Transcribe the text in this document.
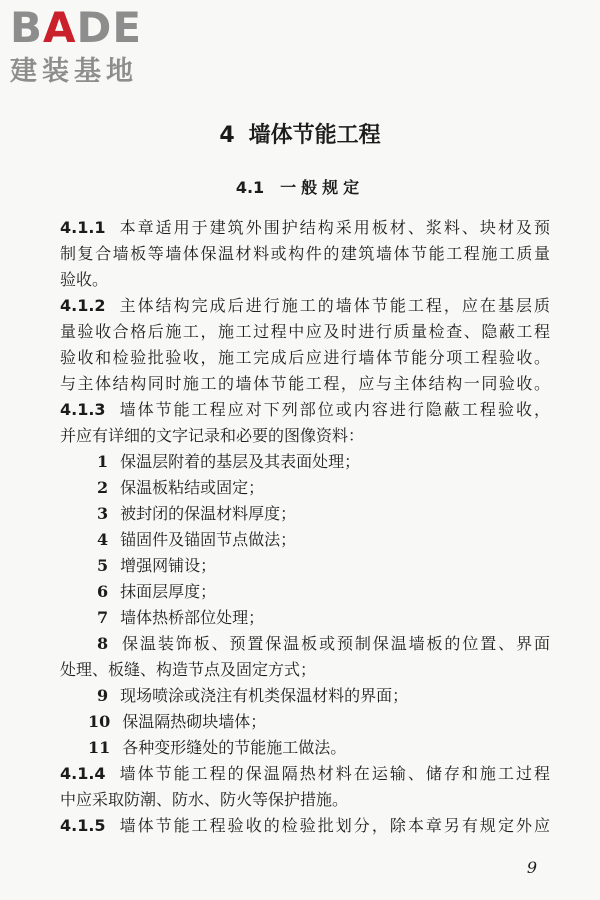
BADE
建装基地
4 墙体节能工程
4.1 一般规定
4.1.1 本章适用于建筑外围护结构采用板材、浆料、块材及预
制复合墙板等墙体保温材料或构件的建筑墙体节能工程施工质量
验收。
4.1.2 主体结构完成后进行施工的墙体节能工程，应在基层质
量验收合格后施工，施工过程中应及时进行质量检查、隐蔽工程
验收和检验批验收，施工完成后应进行墙体节能分项工程验收。
与主体结构同时施工的墙体节能工程，应与主体结构一同验收。
4.1.3 墙体节能工程应对下列部位或内容进行隐蔽工程验收，
并应有详细的文字记录和必要的图像资料：
1 保温层附着的基层及其表面处理；
2 保温板粘结或固定；
3 被封闭的保温材料厚度；
4 锚固件及锚固节点做法；
5 增强网铺设；
6 抹面层厚度；
7 墙体热桥部位处理；
8 保温装饰板、预置保温板或预制保温墙板的位置、界面
处理、板缝、构造节点及固定方式；
9 现场喷涂或浇注有机类保温材料的界面；
10 保温隔热砌块墙体；
11 各种变形缝处的节能施工做法。
4.1.4 墙体节能工程的保温隔热材料在运输、储存和施工过程
中应采取防潮、防水、防火等保护措施。
4.1.5 墙体节能工程验收的检验批划分，除本章另有规定外应
9
